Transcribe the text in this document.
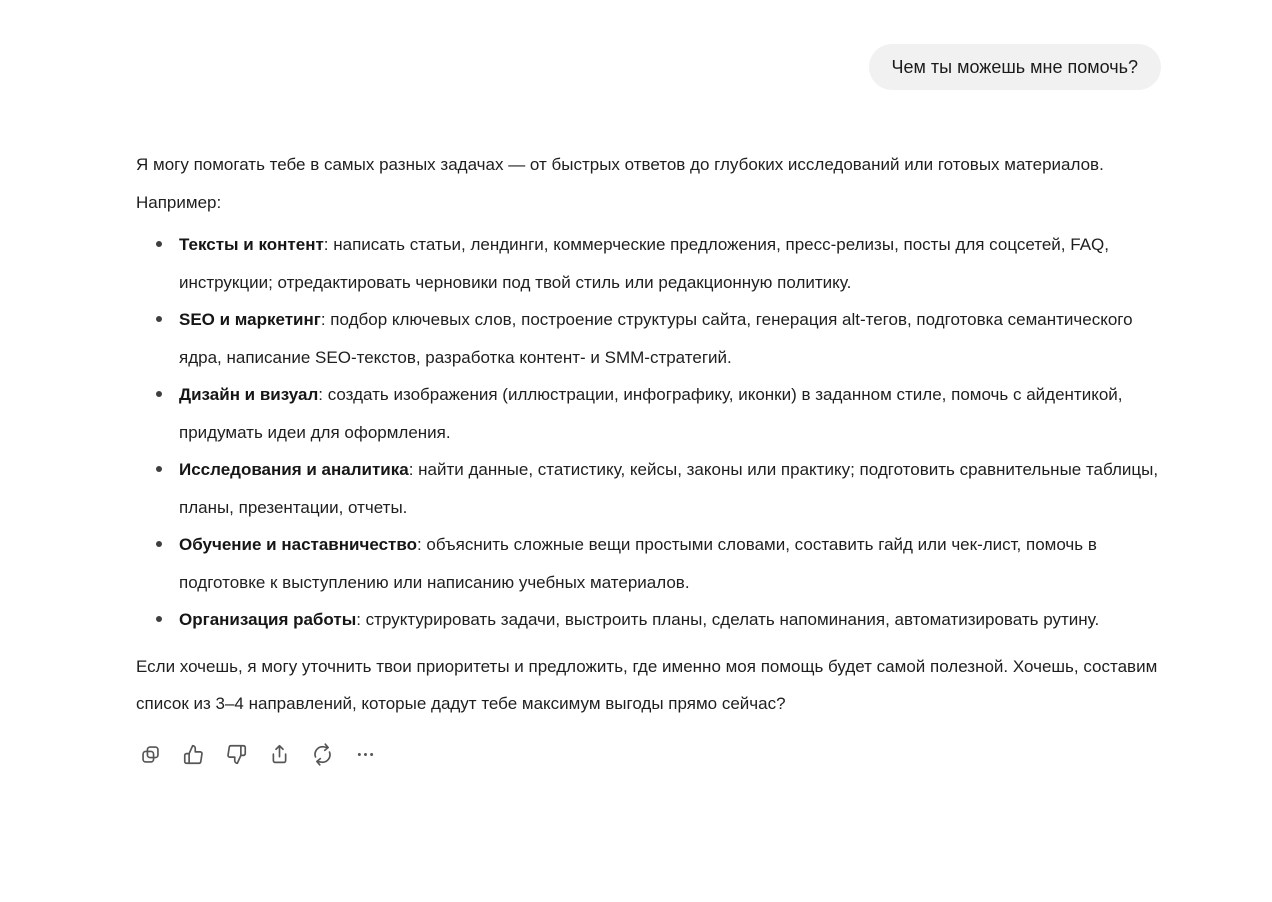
Чем ты можешь мне помочь?

Я могу помогать тебе в самых разных задачах — от быстрых ответов до глубоких исследований или готовых материалов. Например:

Тексты и контент: написать статьи, лендинги, коммерческие предложения, пресс-релизы, посты для соцсетей, FAQ, инструкции; отредактировать черновики под твой стиль или редакционную политику.
SEO и маркетинг: подбор ключевых слов, построение структуры сайта, генерация alt-тегов, подготовка семантического ядра, написание SEO-текстов, разработка контент- и SMM-стратегий.
Дизайн и визуал: создать изображения (иллюстрации, инфографику, иконки) в заданном стиле, помочь с айдентикой, придумать идеи для оформления.
Исследования и аналитика: найти данные, статистику, кейсы, законы или практику; подготовить сравнительные таблицы, планы, презентации, отчеты.
Обучение и наставничество: объяснить сложные вещи простыми словами, составить гайд или чек-лист, помочь в подготовке к выступлению или написанию учебных материалов.
Организация работы: структурировать задачи, выстроить планы, сделать напоминания, автоматизировать рутину.

Если хочешь, я могу уточнить твои приоритеты и предложить, где именно моя помощь будет самой полезной. Хочешь, составим список из 3–4 направлений, которые дадут тебе максимум выгоды прямо сейчас?
